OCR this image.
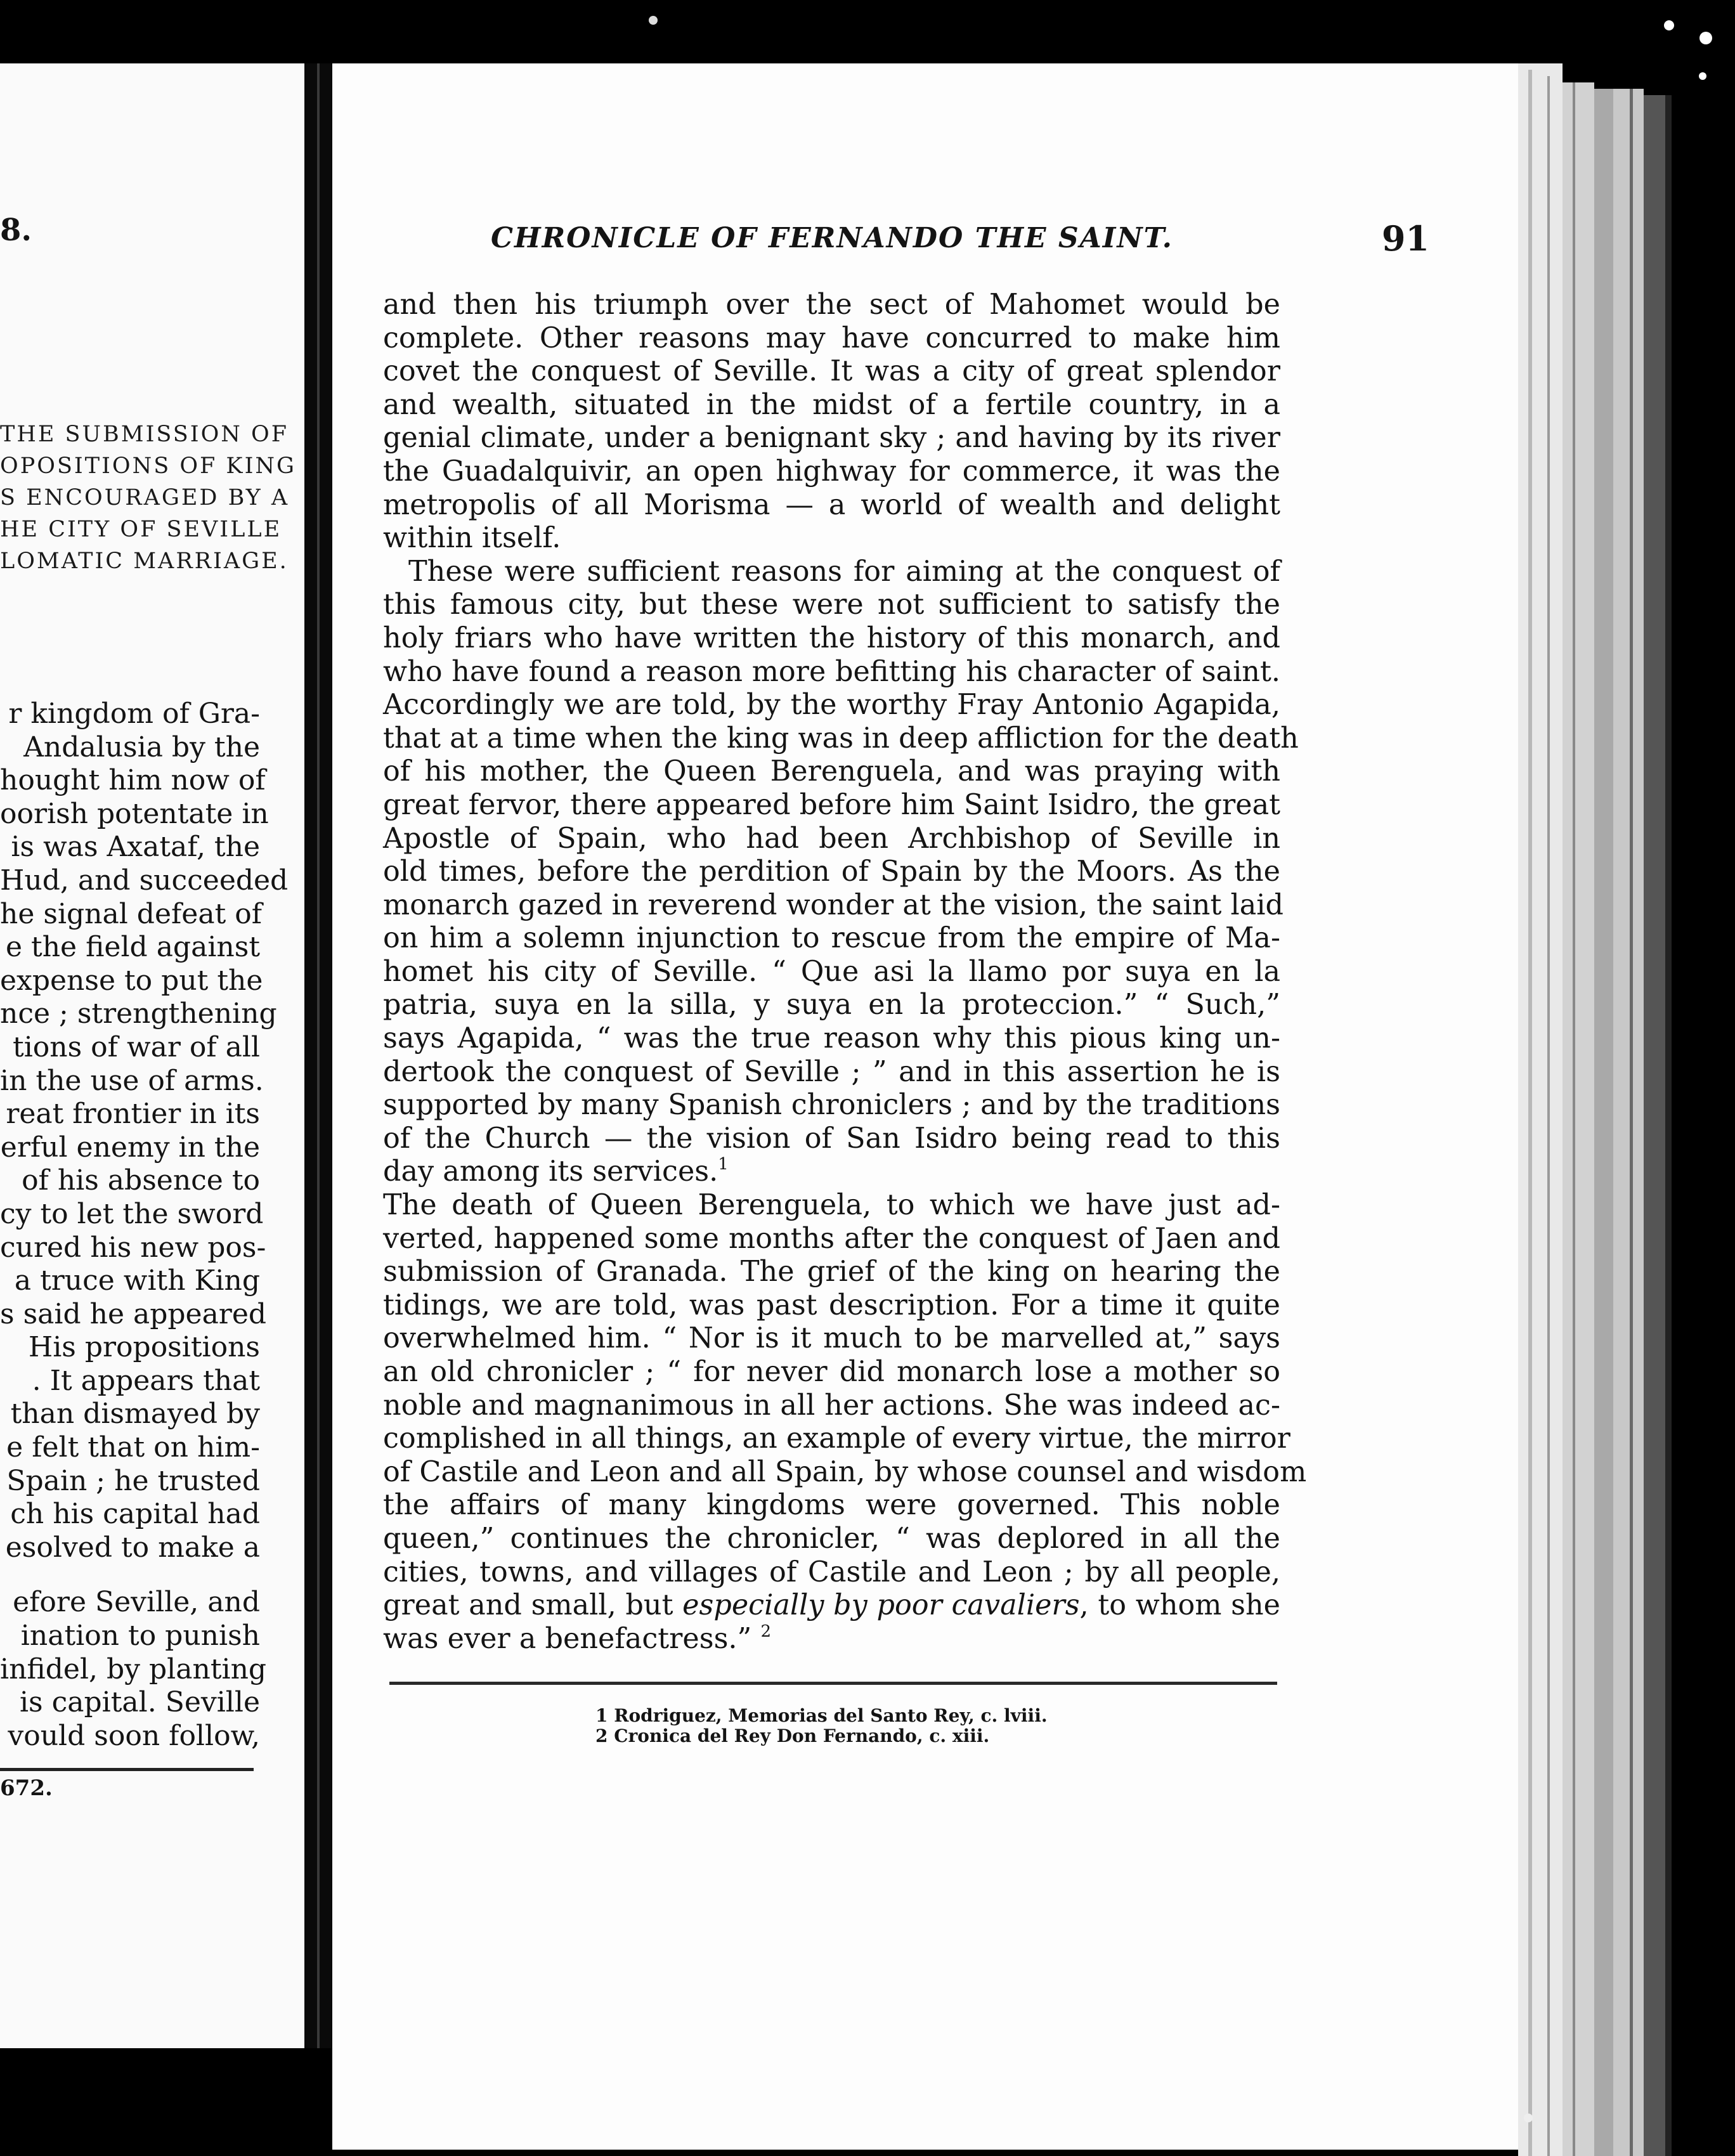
8.
THE SUBMISSION OF
OPOSITIONS OF KING
S ENCOURAGED BY A
HE CITY OF SEVILLE
LOMATIC MARRIAGE.
r kingdom of Gra-
Andalusia by the
hought him now of
oorish potentate in
is was Axataf, the
Hud, and succeeded
he signal defeat of
e the field against
expense to put the
nce ; strengthening
tions of war of all
in the use of arms.
reat frontier in its
erful enemy in the
of his absence to
cy to let the sword
cured his new pos-
a truce with King
s said he appeared
His propositions
. It appears that
than dismayed by
e felt that on him-
Spain ; he trusted
ch his capital had
esolved to make a
efore Seville, and
ination to punish
infidel, by planting
is capital. Seville
vould soon follow,
672.
CHRONICLE OF FERNANDO THE SAINT.	91
and then his triumph over the sect of Mahomet would be
complete. Other reasons may have concurred to make him
covet the conquest of Seville. It was a city of great splendor
and wealth, situated in the midst of a fertile country, in a
genial climate, under a benignant sky ; and having by its river
the Guadalquivir, an open highway for commerce, it was the
metropolis of all Morisma — a world of wealth and delight
within itself.
These were sufficient reasons for aiming at the conquest of
this famous city, but these were not sufficient to satisfy the
holy friars who have written the history of this monarch, and
who have found a reason more befitting his character of saint.
Accordingly we are told, by the worthy Fray Antonio Agapida,
that at a time when the king was in deep affliction for the death
of his mother, the Queen Berenguela, and was praying with
great fervor, there appeared before him Saint Isidro, the great
Apostle of Spain, who had been Archbishop of Seville in
old times, before the perdition of Spain by the Moors. As the
monarch gazed in reverend wonder at the vision, the saint laid
on him a solemn injunction to rescue from the empire of Ma-
homet his city of Seville. “ Que asi la llamo por suya en la
patria, suya en la silla, y suya en la proteccion.” “ Such,”
says Agapida, “ was the true reason why this pious king un-
dertook the conquest of Seville ; ” and in this assertion he is
supported by many Spanish chroniclers ; and by the traditions
of the Church — the vision of San Isidro being read to this
day among its services.$^1$
The death of Queen Berenguela, to which we have just ad-
verted, happened some months after the conquest of Jaen and
submission of Granada. The grief of the king on hearing the
tidings, we are told, was past description. For a time it quite
overwhelmed him. “ Nor is it much to be marvelled at,” says
an old chronicler ; “ for never did monarch lose a mother so
noble and magnanimous in all her actions. She was indeed ac-
complished in all things, an example of every virtue, the mirror
of Castile and Leon and all Spain, by whose counsel and wisdom
the affairs of many kingdoms were governed. This noble
queen,” continues the chronicler, “ was deplored in all the
cities, towns, and villages of Castile and Leon ; by all people,
great and small, but especially by poor cavaliers, to whom she
was ever a benefactress.” $^2$
1 Rodriguez, Memorias del Santo Rey, c. lviii.
2 Cronica del Rey Don Fernando, c. xiii.
